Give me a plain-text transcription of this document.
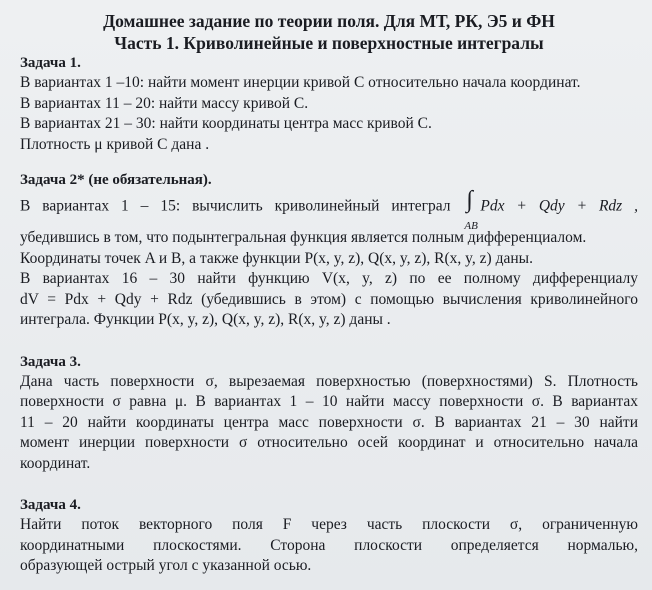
Домашнее задание по теории поля. Для МТ, РК, Э5 и ФН
Часть 1. Криволинейные и поверхностные интегралы
Задача 1.
В вариантах 1 –10: найти момент инерции кривой C относительно начала координат.
В вариантах 11 – 20: найти массу кривой C.
В вариантах 21 – 30: найти координаты центра масс кривой C.
Плотность μ кривой C дана .
Задача 2* (не обязательная).
В вариантах 1 – 15: вычислить криволинейный интеграл ∫
AB
Pdx + Qdy + Rdz ,
убедившись в том, что подынтегральная функция является полным дифференциалом.
Координаты точек A и B, а также функции P(x, y, z), Q(x, y, z), R(x, y, z) даны.
В вариантах 16 – 30 найти функцию V(x, y, z) по ее полному дифференциалу
dV = Pdx + Qdy + Rdz (убедившись в этом) с помощью вычисления криволинейного
интеграла. Функции P(x, y, z), Q(x, y, z), R(x, y, z) даны .
Задача 3.
Дана часть поверхности σ, вырезаемая поверхностью (поверхностями) S. Плотность
поверхности σ равна μ. В вариантах 1 – 10 найти массу поверхности σ. В вариантах
11 – 20 найти координаты центра масс поверхности σ. В вариантах 21 – 30 найти
момент инерции поверхности σ относительно осей координат и относительно начала
координат.
Задача 4.
Найти поток векторного поля F через часть плоскости σ, ограниченную
координатными плоскостями. Сторона плоскости определяется нормалью,
образующей острый угол с указанной осью.
